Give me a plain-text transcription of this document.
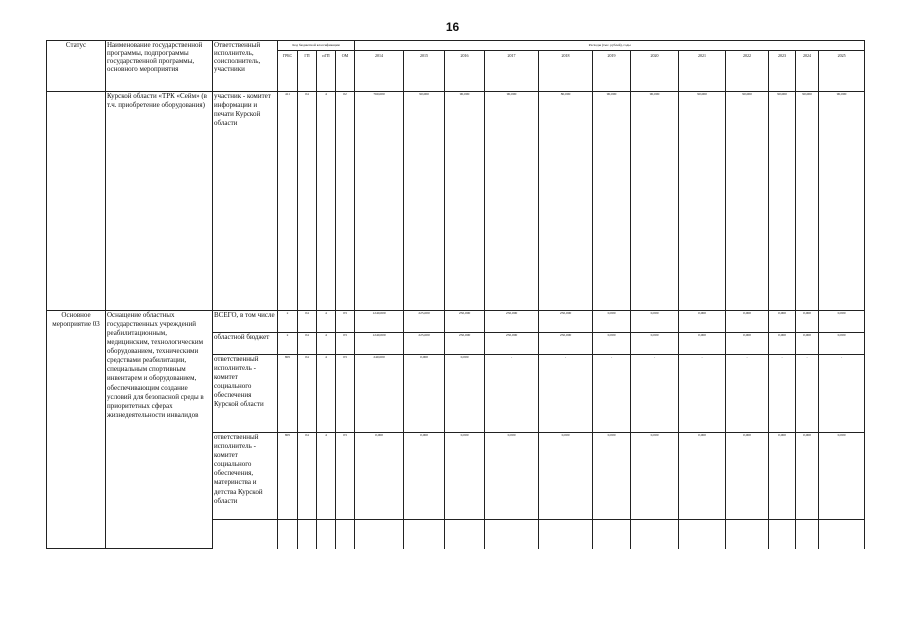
16
Статус	Наименование государственной программы, подпрограммы государственной программы, основного мероприятия	Ответственный исполнитель, соисполнитель, участники	Код бюджетной классификации				Расходы (тыс. рублей), годы											
			ГРБС	ГП	пГП	ОМ	2014	2015	2016	2017	2018	2019	2020	2021	2022	2023	2024	2025

	Курской области «ТРК «Сейм» (в т.ч. приобретение оборудования)	участник - комитет информации и печати Курской области	411	04	4	02	760,000	90,000	90,000	90,000	80,000	90,000	90,000	90,000	90,000	90,000	90,000	90,000
Основное мероприятие 03	Оснащение областных государственных учреждений реабилитационным, медицинским, технологическим оборудованием, техническими средствами реабилитации, специальным спортивным инвентарем и оборудованием, обеспечивающим создание условий для безопасной среды в приоритетных сферах жизнедеятельности инвалидов	ВСЕГО, в том числе	х	04	4	03	1240,000	225,000	250,000	250,000	250,000	0,000	0,000	0,000	0,000	0,000	0,000	0,000
		областной бюджет	х	04	4	03	1240,000	225,000	250,000	250,000	250,000	0,000	0,000	0,000	0,000	0,000	0,000	0,000
		ответственный исполнитель - комитет социального обеспечения Курской области	805	04	4	03	240,000	0,000	0,000	-	-	-	-	-	-	-	-	-
		ответственный исполнитель - комитет социального обеспечения, материнства и детства Курской области	805	04	4	03	0,000	0,000	0,000	0,000	0,000	0,000	0,000	0,000	0,000	0,000	0,000	0,000
